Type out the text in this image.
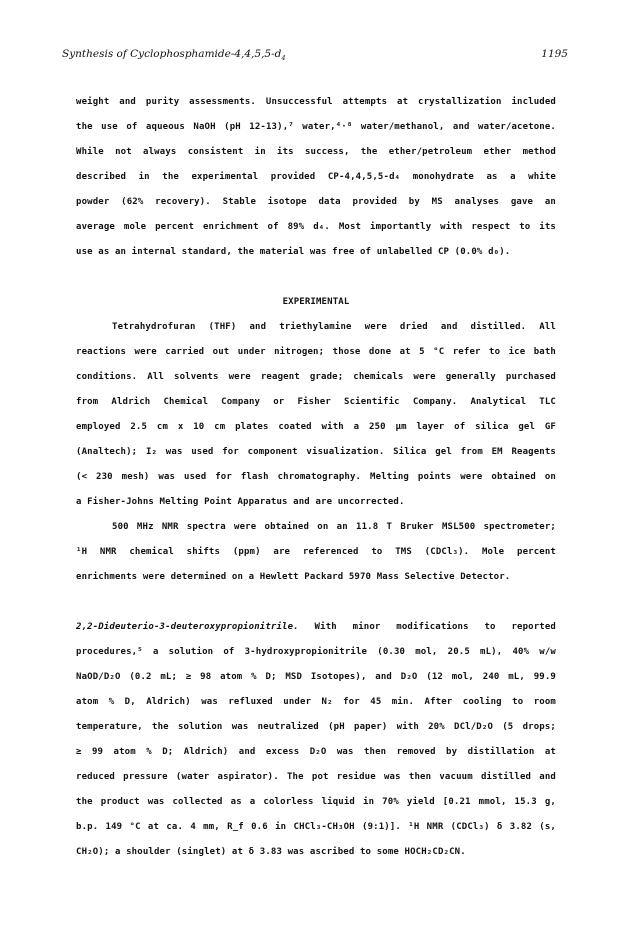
Synthesis of Cyclophosphamide-$4,4,5,5-d_4$	1195
weight and purity assessments. Unsuccessful attempts at crystallization included
the use of aqueous NaOH (pH 12-13),⁷ water,⁴·⁸ water/methanol, and water/acetone.
While not always consistent in its success, the ether/petroleum ether method
described in the experimental provided CP-4,4,5,5-d₄ monohydrate as a white
powder (62% recovery). Stable isotope data provided by MS analyses gave an
average mole percent enrichment of 89% d₄. Most importantly with respect to its
use as an internal standard, the material was free of unlabelled CP (0.0% d₀).
EXPERIMENTAL
Tetrahydrofuran (THF) and triethylamine were dried and distilled. All
reactions were carried out under nitrogen; those done at 5 °C refer to ice bath
conditions. All solvents were reagent grade; chemicals were generally purchased
from Aldrich Chemical Company or Fisher Scientific Company. Analytical TLC
employed 2.5 cm x 10 cm plates coated with a 250 μm layer of silica gel GF
(Analtech); I₂ was used for component visualization. Silica gel from EM Reagents
(< 230 mesh) was used for flash chromatography. Melting points were obtained on
a Fisher-Johns Melting Point Apparatus and are uncorrected.
500 MHz NMR spectra were obtained on an 11.8 T Bruker MSL500 spectrometer;
¹H NMR chemical shifts (ppm) are referenced to TMS (CDCl₃). Mole percent
enrichments were determined on a Hewlett Packard 5970 Mass Selective Detector.
2,2-Dideuterio-3-deuteroxypropionitrile. With minor modifications to reported
procedures,⁵ a solution of 3-hydroxypropionitrile (0.30 mol, 20.5 mL), 40% w/w
NaOD/D₂O (0.2 mL; ≥ 98 atom % D; MSD Isotopes), and D₂O (12 mol, 240 mL, 99.9
atom % D, Aldrich) was refluxed under N₂ for 45 min. After cooling to room
temperature, the solution was neutralized (pH paper) with 20% DCl/D₂O (5 drops;
≥ 99 atom % D; Aldrich) and excess D₂O was then removed by distillation at
reduced pressure (water aspirator). The pot residue was then vacuum distilled and
the product was collected as a colorless liquid in 70% yield [0.21 mmol, 15.3 g,
b.p. 149 °C at ca. 4 mm, R_f 0.6 in CHCl₃-CH₃OH (9:1)]. ¹H NMR (CDCl₃) δ 3.82 (s,
CH₂O); a shoulder (singlet) at δ 3.83 was ascribed to some HOCH₂CD₂CN.
